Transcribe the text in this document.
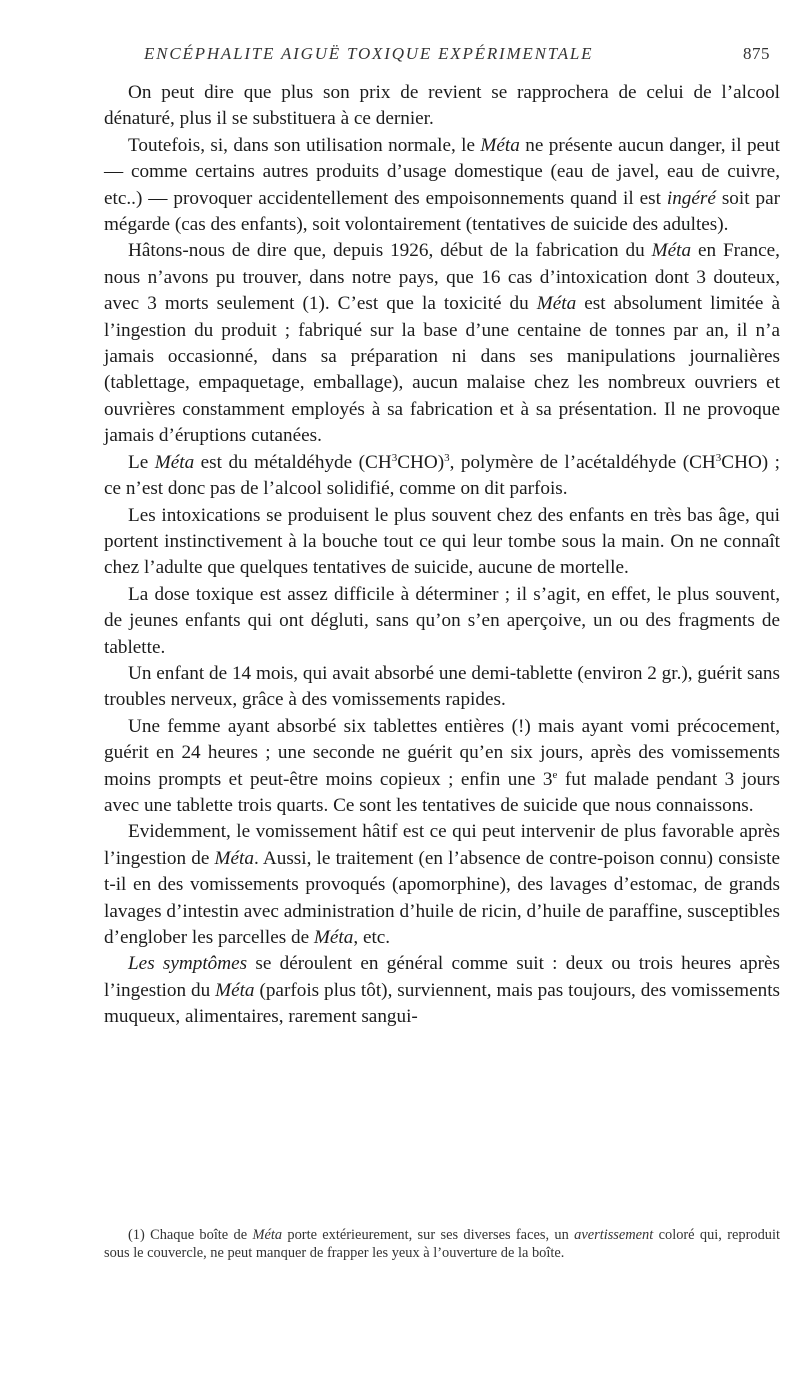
ENCÉPHALITE AIGUË TOXIQUE EXPÉRIMENTALE	875

On peut dire que plus son prix de revient se rapprochera de celui de l’alcool dénaturé, plus il se substituera à ce dernier.

Toutefois, si, dans son utilisation normale, le Méta ne présente aucun danger, il peut — comme certains autres produits d’usage domestique (eau de javel, eau de cuivre, etc..) — provoquer accidentellement des empoisonnements quand il est ingéré soit par mégarde (cas des enfants), soit volontairement (tentatives de suicide des adultes).

Hâtons-nous de dire que, depuis 1926, début de la fabrication du Méta en France, nous n’avons pu trouver, dans notre pays, que 16 cas d’intoxication dont 3 douteux, avec 3 morts seulement (1). C’est que la toxicité du Méta est absolument limitée à l’ingestion du produit ; fabriqué sur la base d’une centaine de tonnes par an, il n’a jamais occasionné, dans sa préparation ni dans ses manipulations journalières (tablettage, empaquetage, emballage), aucun malaise chez les nombreux ouvriers et ouvrières constamment employés à sa fabrication et à sa présentation. Il ne provoque jamais d’éruptions cutanées.

Le Méta est du métaldéhyde $(CH^3CHO)^3$, polymère de l’acétaldéhyde $(CH^3CHO)$ ; ce n’est donc pas de l’alcool solidifié, comme on dit parfois.

Les intoxications se produisent le plus souvent chez des enfants en très bas âge, qui portent instinctivement à la bouche tout ce qui leur tombe sous la main. On ne connaît chez l’adulte que quelques tentatives de suicide, aucune de mortelle.

La dose toxique est assez difficile à déterminer ; il s’agit, en effet, le plus souvent, de jeunes enfants qui ont dégluti, sans qu’on s’en aperçoive, un ou des fragments de tablette.

Un enfant de 14 mois, qui avait absorbé une demi-tablette (environ 2 gr.), guérit sans troubles nerveux, grâce à des vomissements rapides.

Une femme ayant absorbé six tablettes entières (!) mais ayant vomi précocement, guérit en 24 heures ; une seconde ne guérit qu’en six jours, après des vomissements moins prompts et peut-être moins copieux ; enfin une 3e fut malade pendant 3 jours avec une tablette trois quarts. Ce sont les tentatives de suicide que nous connaissons.

Evidemment, le vomissement hâtif est ce qui peut intervenir de plus favorable après l’ingestion de Méta. Aussi, le traitement (en l’absence de contre-poison connu) consiste t-il en des vomissements provoqués (apomorphine), des lavages d’estomac, de grands lavages d’intestin avec administration d’huile de ricin, d’huile de paraffine, susceptibles d’englober les parcelles de Méta, etc.

Les symptômes se déroulent en général comme suit : deux ou trois heures après l’ingestion du Méta (parfois plus tôt), surviennent, mais pas toujours, des vomissements muqueux, alimentaires, rarement sangui-

(1) Chaque boîte de Méta porte extérieurement, sur ses diverses faces, un avertissement coloré qui, reproduit sous le couvercle, ne peut manquer de frapper les yeux à l’ouverture de la boîte.
